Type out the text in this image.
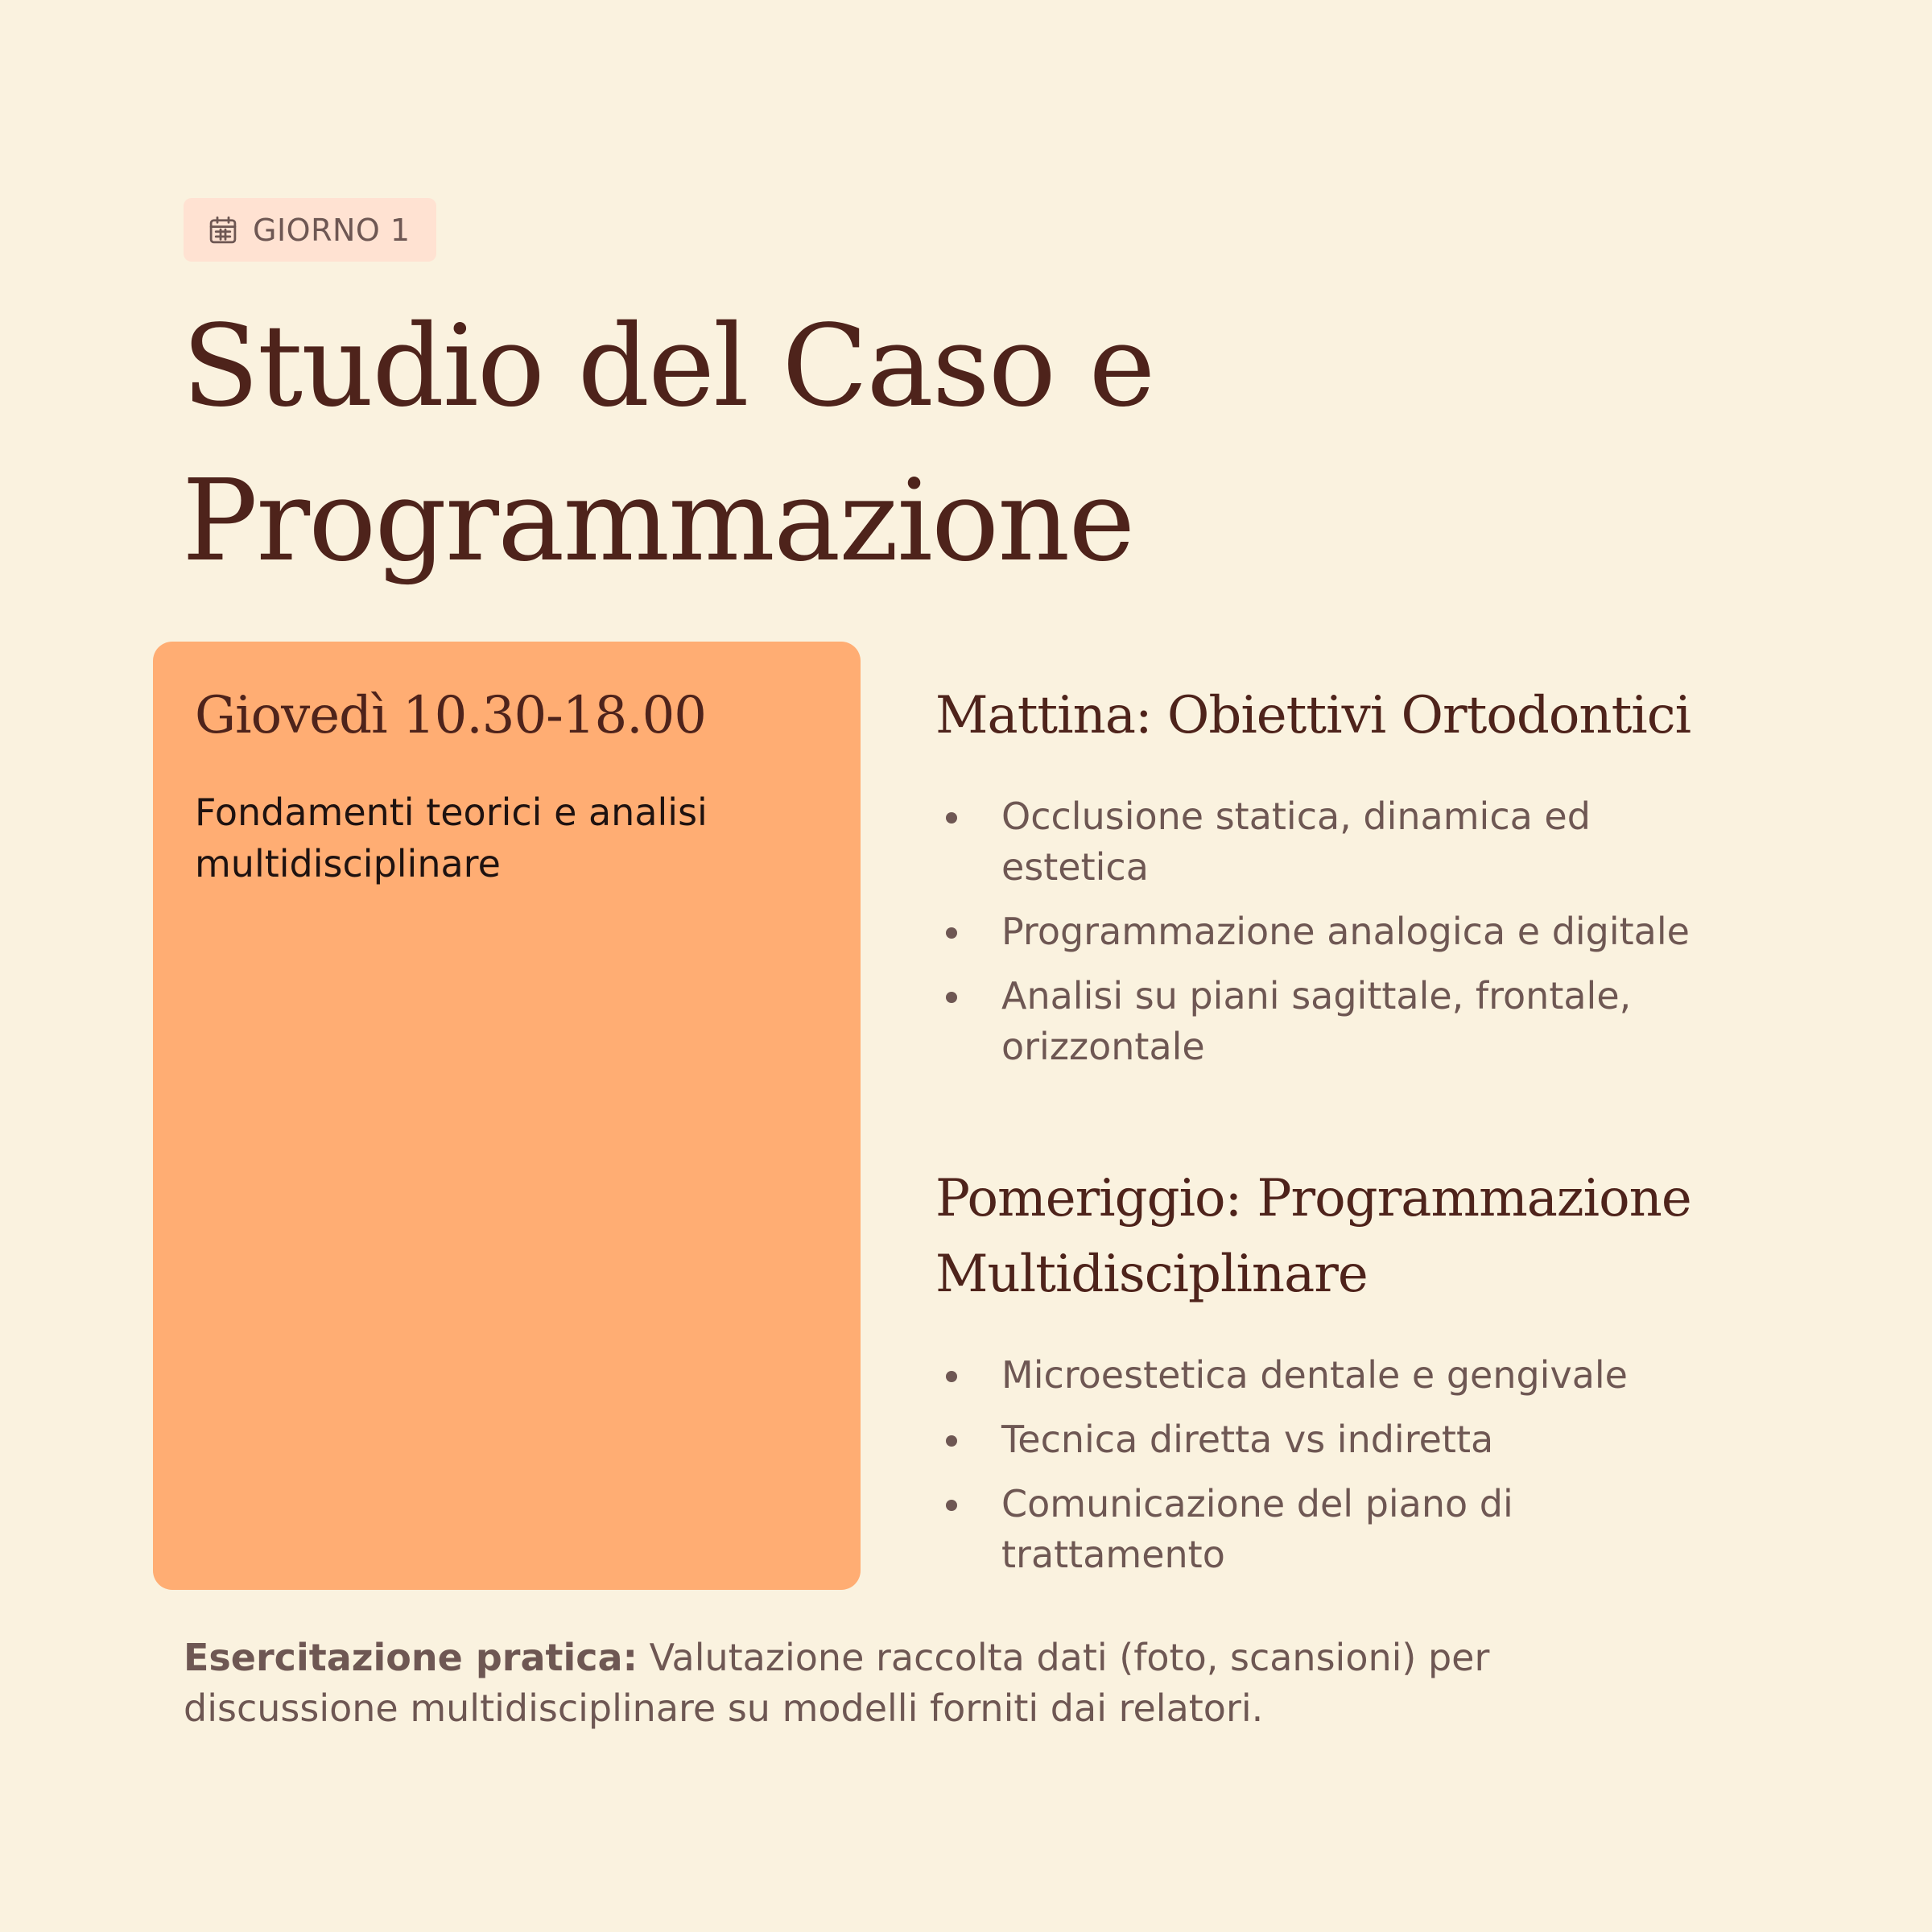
GIORNO 1
Studio del Caso e Programmazione
Giovedì 10.30-18.00

Fondamenti teorici e analisi multidisciplinare

Mattina: Obiettivi Ortodontici
Occlusione statica, dinamica ed estetica
Programmazione analogica e digitale
Analisi su piani sagittale, frontale, orizzontale
Pomeriggio: Programmazione Multidisciplinare
Microestetica dentale e gengivale
Tecnica diretta vs indiretta
Comunicazione del piano di trattamento

Esercitazione pratica: Valutazione raccolta dati (foto, scansioni) per discussione multidisciplinare su modelli forniti dai relatori.
